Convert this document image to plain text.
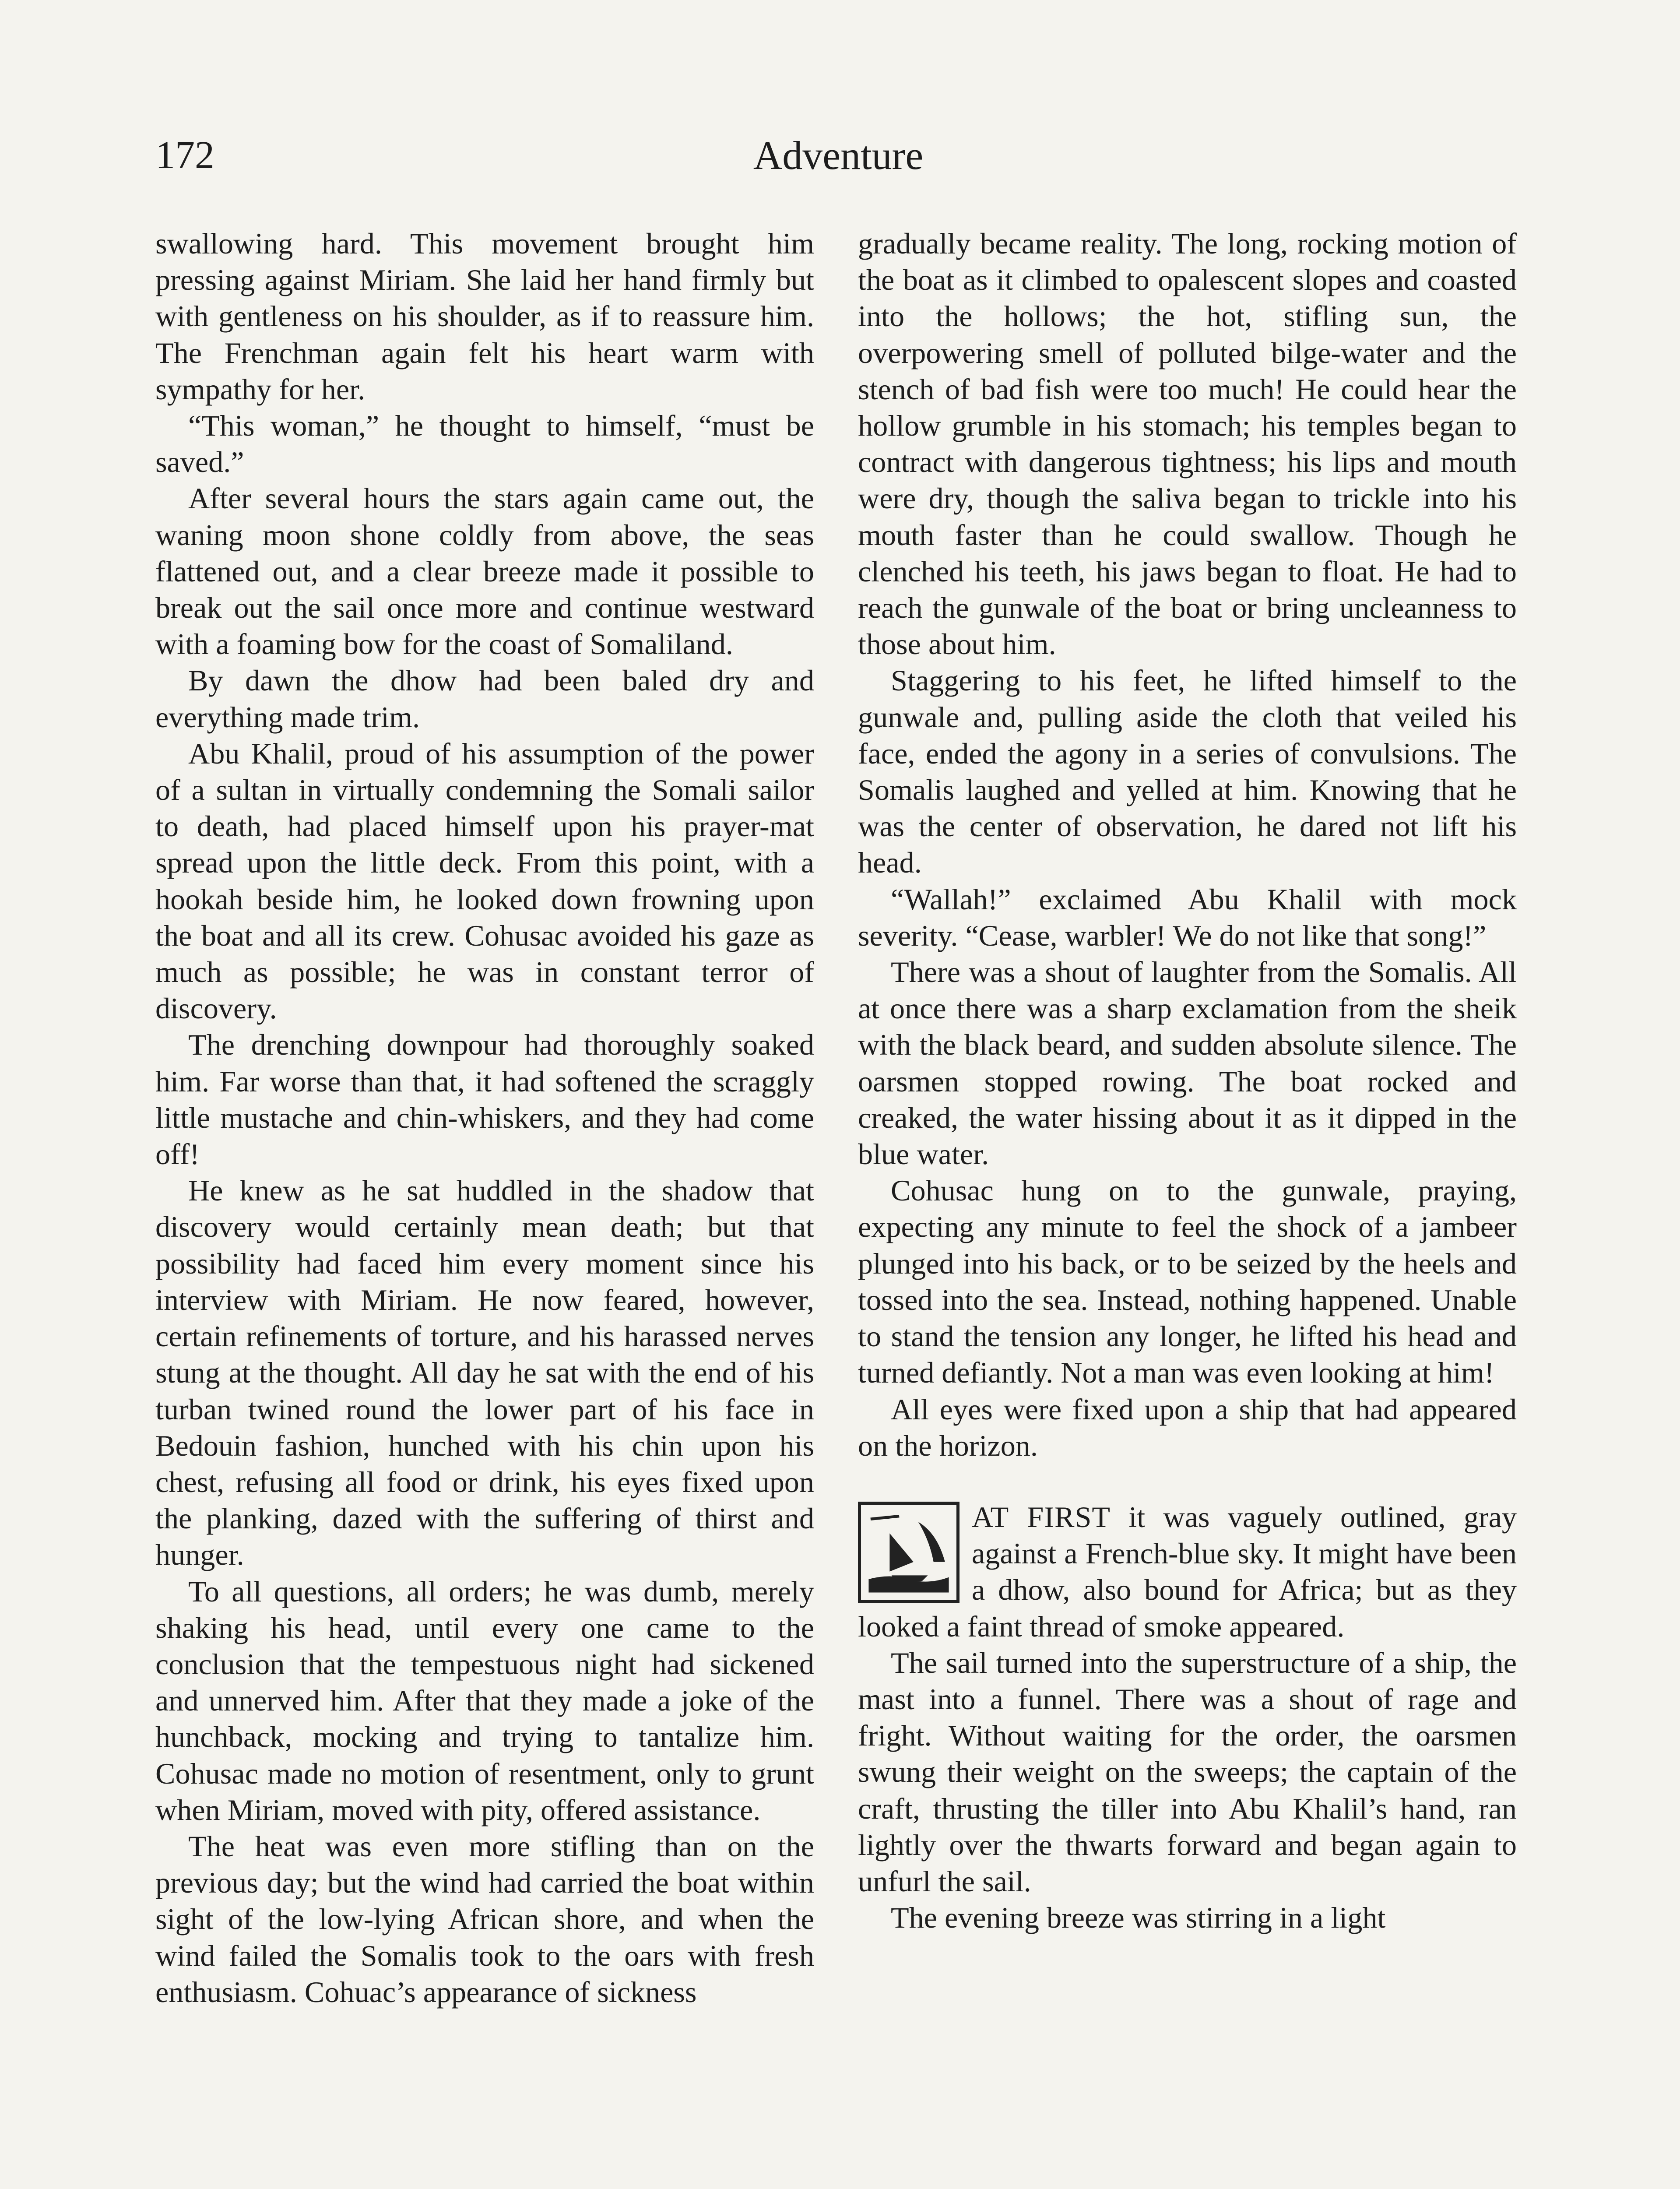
172	Adventure

swallowing hard. This movement brought him pressing against Miriam. She laid her hand firmly but with gentleness on his shoulder, as if to reassure him. The Frenchman again felt his heart warm with sympathy for her.

“This woman,” he thought to himself, “must be saved.”

After several hours the stars again came out, the waning moon shone coldly from above, the seas flattened out, and a clear breeze made it possible to break out the sail once more and continue westward with a foaming bow for the coast of Somaliland.

By dawn the dhow had been baled dry and everything made trim.

Abu Khalil, proud of his assumption of the power of a sultan in virtually condemning the Somali sailor to death, had placed himself upon his prayer-mat spread upon the little deck. From this point, with a hookah beside him, he looked down frowning upon the boat and all its crew. Cohusac avoided his gaze as much as possible; he was in constant terror of discovery.

The drenching downpour had thoroughly soaked him. Far worse than that, it had softened the scraggly little mustache and chin-whiskers, and they had come off!

He knew as he sat huddled in the shadow that discovery would certainly mean death; but that possibility had faced him every moment since his interview with Miriam. He now feared, however, certain refinements of torture, and his harassed nerves stung at the thought. All day he sat with the end of his turban twined round the lower part of his face in Bedouin fashion, hunched with his chin upon his chest, refusing all food or drink, his eyes fixed upon the planking, dazed with the suffering of thirst and hunger.

To all questions, all orders; he was dumb, merely shaking his head, until every one came to the conclusion that the tempestuous night had sickened and unnerved him. After that they made a joke of the hunchback, mocking and trying to tantalize him. Cohusac made no motion of resentment, only to grunt when Miriam, moved with pity, offered assistance.

The heat was even more stifling than on the previous day; but the wind had carried the boat within sight of the low-lying African shore, and when the wind failed the Somalis took to the oars with fresh enthusiasm. Cohuac’s appearance of sickness

gradually became reality. The long, rocking motion of the boat as it climbed to opalescent slopes and coasted into the hollows; the hot, stifling sun, the overpowering smell of polluted bilge-water and the stench of bad fish were too much! He could hear the hollow grumble in his stomach; his temples began to contract with dangerous tightness; his lips and mouth were dry, though the saliva began to trickle into his mouth faster than he could swallow. Though he clenched his teeth, his jaws began to float. He had to reach the gunwale of the boat or bring uncleanness to those about him.

Staggering to his feet, he lifted himself to the gunwale and, pulling aside the cloth that veiled his face, ended the agony in a series of convulsions. The Somalis laughed and yelled at him. Knowing that he was the center of observation, he dared not lift his head.

“Wallah!” exclaimed Abu Khalil with mock severity. “Cease, warbler! We do not like that song!”

There was a shout of laughter from the Somalis. All at once there was a sharp exclamation from the sheik with the black beard, and sudden absolute silence. The oarsmen stopped rowing. The boat rocked and creaked, the water hissing about it as it dipped in the blue water.

Cohusac hung on to the gunwale, praying, expecting any minute to feel the shock of a jambeer plunged into his back, or to be seized by the heels and tossed into the sea. Instead, nothing happened. Unable to stand the tension any longer, he lifted his head and turned defiantly. Not a man was even looking at him!

All eyes were fixed upon a ship that had appeared on the horizon.

AT FIRST it was vaguely outlined, gray against a French-blue sky. It might have been a dhow, also bound for Africa; but as they looked a faint thread of smoke appeared.

The sail turned into the superstructure of a ship, the mast into a funnel. There was a shout of rage and fright. Without waiting for the order, the oarsmen swung their weight on the sweeps; the captain of the craft, thrusting the tiller into Abu Khalil’s hand, ran lightly over the thwarts forward and began again to unfurl the sail.

The evening breeze was stirring in a light
